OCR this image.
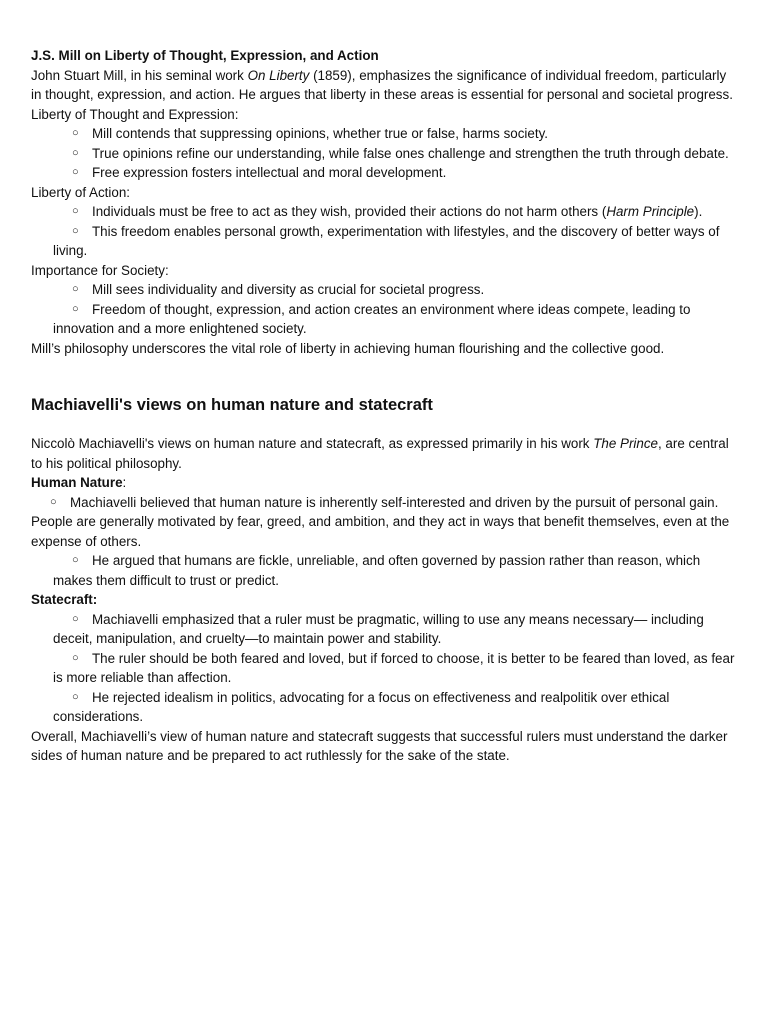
J.S. Mill on Liberty of Thought, Expression, and Action

John Stuart Mill, in his seminal work On Liberty (1859), emphasizes the significance of individual freedom, particularly in thought, expression, and action. He argues that liberty in these areas is essential for personal and societal progress.

Liberty of Thought and Expression:

○ Mill contends that suppressing opinions, whether true or false, harms society.

○ True opinions refine our understanding, while false ones challenge and strengthen the truth through debate.

○ Free expression fosters intellectual and moral development.

Liberty of Action:

○ Individuals must be free to act as they wish, provided their actions do not harm others (Harm Principle).

○ This freedom enables personal growth, experimentation with lifestyles, and the discovery of better ways of living.

Importance for Society:

○ Mill sees individuality and diversity as crucial for societal progress.

○ Freedom of thought, expression, and action creates an environment where ideas compete, leading to innovation and a more enlightened society.

Mill’s philosophy underscores the vital role of liberty in achieving human flourishing and the collective good.

Machiavelli's views on human nature and statecraft

Niccolò Machiavelli's views on human nature and statecraft, as expressed primarily in his work The Prince, are central to his political philosophy.

Human Nature:

○ Machiavelli believed that human nature is inherently self-interested and driven by the pursuit of personal gain. People are generally motivated by fear, greed, and ambition, and they act in ways that benefit themselves, even at the expense of others.

○ He argued that humans are fickle, unreliable, and often governed by passion rather than reason, which makes them difficult to trust or predict.

Statecraft:

○ Machiavelli emphasized that a ruler must be pragmatic, willing to use any means necessary— including deceit, manipulation, and cruelty—to maintain power and stability.

○ The ruler should be both feared and loved, but if forced to choose, it is better to be feared than loved, as fear is more reliable than affection.

○ He rejected idealism in politics, advocating for a focus on effectiveness and realpolitik over ethical considerations.

Overall, Machiavelli’s view of human nature and statecraft suggests that successful rulers must understand the darker sides of human nature and be prepared to act ruthlessly for the sake of the state.
